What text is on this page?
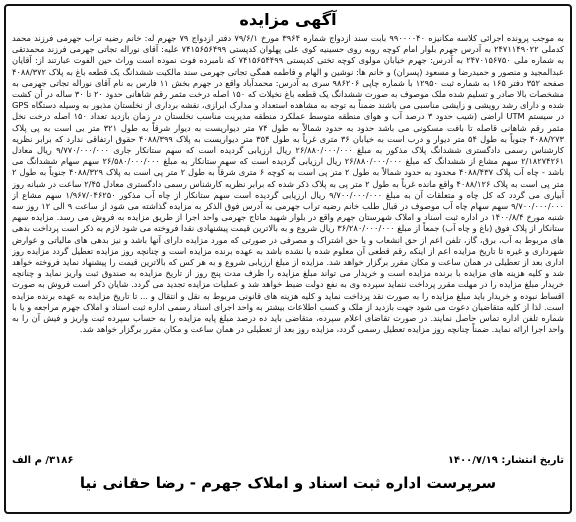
آگهی مزایده
به موجب پرونده اجرائی کلاسه مکانیزه ۹۹۰۰۰۰۴۰ بابت سند ازدواج شماره ۳۹۶۴ مورخ ۷۹/۶/۱ دفتر ازدواج ۷۹ جهرم له: خانم رضیه تراب جهرمی فرزند محمد کدملی ۲۴۷۱۱۴۹۰۲۲ به آدرس جهرم بلوار امام کوچه روبه روی حسینیه کوی علی پهلوان کدپستی ۷۴۱۵۶۵۶۴۹۹ علیه: آقای نوراله تجاتی جهرمی فرزند محمدتقی به شماره ملی ۲۴۷۰۱۵۶۷۵۰ به آدرس: جهرم خیابان مولوی کوچه تختی کدپستی ۷۴۱۵۶۵۴۴۹۹ که نامبرده فوت نموده است وراث حین الفوت عبارتند از: آقایان عبدالمجید و منصور و حمیدرضا و مسعود (پسران) و خانم ها: نوشین و الهام و فاطمه همگی تجاتی جهرمی سند مالکیت ششدانگ یک قطعه باغ به پلاک ۴۰۸۸/۳۷۲ صفحه ۳۵۲ دفتر ۱۶۵ به شماره ثبت ۱۲۹۵۰ با شماره چاپی ۹۸۶۲۰۶ سری به آدرس: محمدآباد واقع در جهرم بخش ۱۱ فارس به نام آقای نوراله تجاتی جهرمی به مشخصات بالا صادر و تسلیم شده ملک موصوف به صورت ششدانگ یک قطعه باغ نخیلات که ۱۵۰ اصله درخت مثمر رقم شاهانی حدود ۲۰ تا ۳۰ ساله در آن کشت شده و دارای رشد رویشی و زایشی مناسبی می باشند ضمناً به توجه به مشاهده استعداد و مدارک ابرازی، نقشه برداری از نخلستان مذبور به وسیله دستگاه GPS در سیستم UTM اراضی (شیب حدود ۳ درصد آب و هوای منطقه متوسط عملکرد منطقه مدیریت مناسب نخلستان در زمان بازدید تعداد ۱۵۰ اصله درخت نخل مثمر رقم شاهانی قاصله تا بافت مسکونی می باشد حدود به حدود شمالاً به طول ۷۴ متر دیواریست به دیوار شرقاً به طول ۳۲۱ متر بی است به پی پلاک ۴۰۸۸/۲۷۳ جنوباً به طول ۵۴ متر دیوار و درب است به خیابان ۳۶ متری غرباً به طول ۳۵۴ متر دیواریست به پلاک ۴۰۸۸/۳۹۹ حقوق ارتفاقی ندارد که برابر نظریه کارشناس رسمی دادگستری ششدانگ پلاک مذکور به مبلغ ۲۶/۸۸۰/۰۰۰/۰۰۰ ریال ارزیابی گردیده است که سهم ستانکار جاری ۹/۷۷۰/۰۰۰/۰۰۰ ریال معادل ۲/۱۸۲۷۴۲۶۱ سهم مشاع از ششدانگ که مبلغ ۲۶/۸۸۰/۰۰۰/۰۰۰ ریال ارزیابی گردیده است که سهم ستانکار به مبلغ ۲۶/۵۸۰/۰۰۰/۰۰۰ سهم سهام ششدانگ می باشد - چاه آب پلاک ۴۰۸۸/۴۳۷ محدود به حدود شمالاً به طول ۲ متر پی است به کوچه ۶ متری شرقاً به طول ۲ متر پی است به پلاک ۴۰۸۸/۳۲۹ جنوباً به طول ۲ متر پی است به پلاک ۴۰۸۸/۱۲۶ واقع مانده غرباً به طول ۲ متر پی به پلاک ذکر شده که برابر نظریه کارشناس رسمی دادگستری معادل ۲/۴۵ ساعت در شبانه روز آبیاری می گردد که کل چاه و متعلقات آن به مبلغ ۹/۷۰۰/۰۰۰/۰۰۰ ریال ارزیابی گردیده است سهم ستانکار از چاه آب مذکور ۱/۹۶۷/۰۴۶۲۵۰ سهم مشاع از ۹/۷۰۰/۰۰۰/۰۰۰ سهم سهام چاه آب موصوف در قبال طلب خانم رضیه تراب جهرمی به آدرس فوق الذکر به مزایده گذاشته می شود از ساعت ۹ الی ۱۲ روز سه شنبه مورخ ۱۴۰۰/۸/۴ در اداره ثبت اسناد و املاک شهرستان جهرم واقع در بلوار شهید ماتاج جهرمی واحد اجرا از طریق مزایده به فروش می رسد. مزایده سهم ستانکار از پلاک فوق (باغ و چاه آب) جمعاً از مبلغ ۳۶/۲۸۰/۰۰۰/۰۰۰ ریال شروع و به بالاترین قیمت پیشنهادی نقدا فروخته می شود لازم به ذکر است پرداخت بدهی های مربوط به آب، برق، گاز، تلفن اعم از حق انشعاب و یا حق اشتراک و مصرفی در صورتی که مورد مزایده دارای آنها باشد و نیز بدهی های مالیاتی و عوارض شهرداری و غیره تا تاریخ مزایده اعم از اینکه رقم قطعی آن معلوم شده یا نشده باشد به عهده برنده مزایده است و چنانچه روز مزایده تعطیل گردد مزایده روز اداری بعد از تعطیلی در همان ساعت و مکان مقرر برگزار خواهد شد. مزایده از مبلغ ارزیابی شروع و به هر کس که بالاترین قیمت را پیشنهاد نماید فروخته خواهد شد و کلیه هزینه های مزایده با برنده مزایده است و خریدار می تواند مبلغ مزایده را ظرف مدت پنج روز از تاریخ مزایده به صندوق ثبت واریز نماید و چنانچه خریدار مبلغ مزایده را در مهلت مقرر پرداخت ننماید سپرده وی به نفع دولت ضبط خواهد شد و عملیات مزایده تجدید می گردد. شایان ذکر است فروش به صورت اقساط نبوده و خریدار باید مبلغ مزایده را به صورت نقد پرداخت نماید و کلیه هزینه های قانونی مربوط به نقل و انتقال و ... تا تاریخ مزایده به عهده برنده مزایده است. لذا از کلیه متقاضیان دعوت می شود جهت بازدید از ملک و کسب اطلاعات بیشتر به واحد اجرای اسناد رسمی اداره ثبت اسناد و املاک جهرم مراجعه و یا با شماره تلفن اداره تماس حاصل نمایند. در صورت تقاضای اعلام سپرده، متقاضی باید ده درصد مبلغ پایه مزایده را به حساب سپرده ثبت واریز و فیش آن را به واحد اجرا ارائه نماید. ضمناً چنانچه روز مزایده تعطیل رسمی گردد، مزایده روز بعد از تعطیلی در همان ساعت و مکان مقرر برگزار خواهد شد.
تاریخ انتشار: ۱۴۰۰/۷/۱۹
۳۱۸۶/ م الف
سرپرست اداره ثبت اسناد و املاک جهرم - رضا حقانی نیا
